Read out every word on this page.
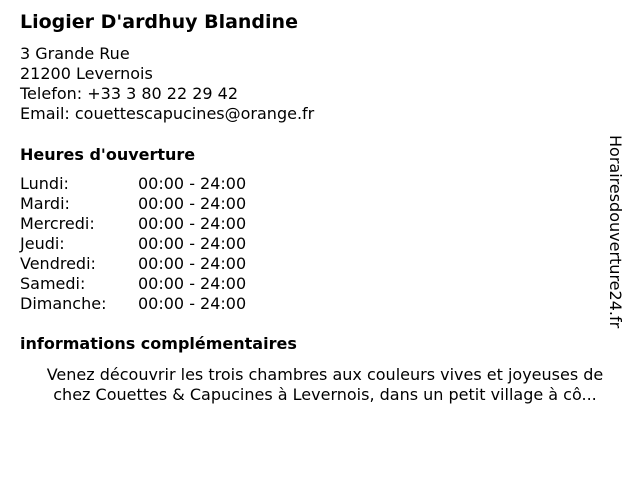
Liogier D'ardhuy Blandine
3 Grande Rue
21200 Levernois
Telefon: +33 3 80 22 29 42
Email: couettescapucines@orange.fr
Heures d'ouverture
Lundi:	00:00 - 24:00
Mardi:	00:00 - 24:00
Mercredi:	00:00 - 24:00
Jeudi:	00:00 - 24:00
Vendredi:	00:00 - 24:00
Samedi:	00:00 - 24:00
Dimanche:	00:00 - 24:00
informations complémentaires
Venez découvrir les trois chambres aux couleurs vives et joyeuses de
chez Couettes & Capucines à Levernois, dans un petit village à cô...
Horairesdouverture24.fr
